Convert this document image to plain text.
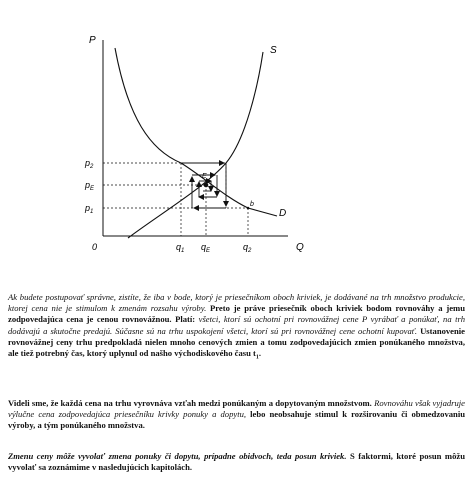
P
Q
0
S
D
E
b
$p_2$
$p_E$
$p_1$
$q_1$ $q_E$	$q_2$

Ak budete postupovať správne, zistíte, že iba v bode, ktorý je priesečníkom oboch kriviek, je dodávané na trh množstvo produkcie, ktorej cena nie je stimulom k zmenám rozsahu výroby. Preto je práve priesečník oboch kriviek bodom rovnováhy a jemu zodpovedajúca cena je cenou rovnovážnou. Platí: všetci, ktorí sú ochotní pri rovnovážnej cene P vyrábať a ponúkať, na trh dodávajú a skutočne predajú. Súčasne sú na trhu uspokojení všetci, ktorí sú pri rovnovážnej cene ochotní kupovať. Ustanovenie rovnovážnej ceny trhu predpokladá nielen mnoho cenových zmien a tomu zodpovedajúcich zmien ponúkaného množstva, ale tiež potrebný čas, ktorý uplynul od našho východiskového času $t_1$.

Videli sme, že každá cena na trhu vyrovnáva vzťah medzi ponúkaným a dopytovaným množstvom. Rovnováhu však vyjadruje výlučne cena zodpovedajúca priesečníku krivky ponuky a dopytu, lebo neobsahuje stimul k rozširovaniu či obmedzovaniu výroby, a tým ponúkaného množstva.

Zmenu ceny môže vyvolať zmena ponuky či dopytu, prípadne obidvoch, teda posun kriviek. S faktormi, ktoré posun môžu vyvolať sa zoznámime v nasledujúcich kapitolách.
